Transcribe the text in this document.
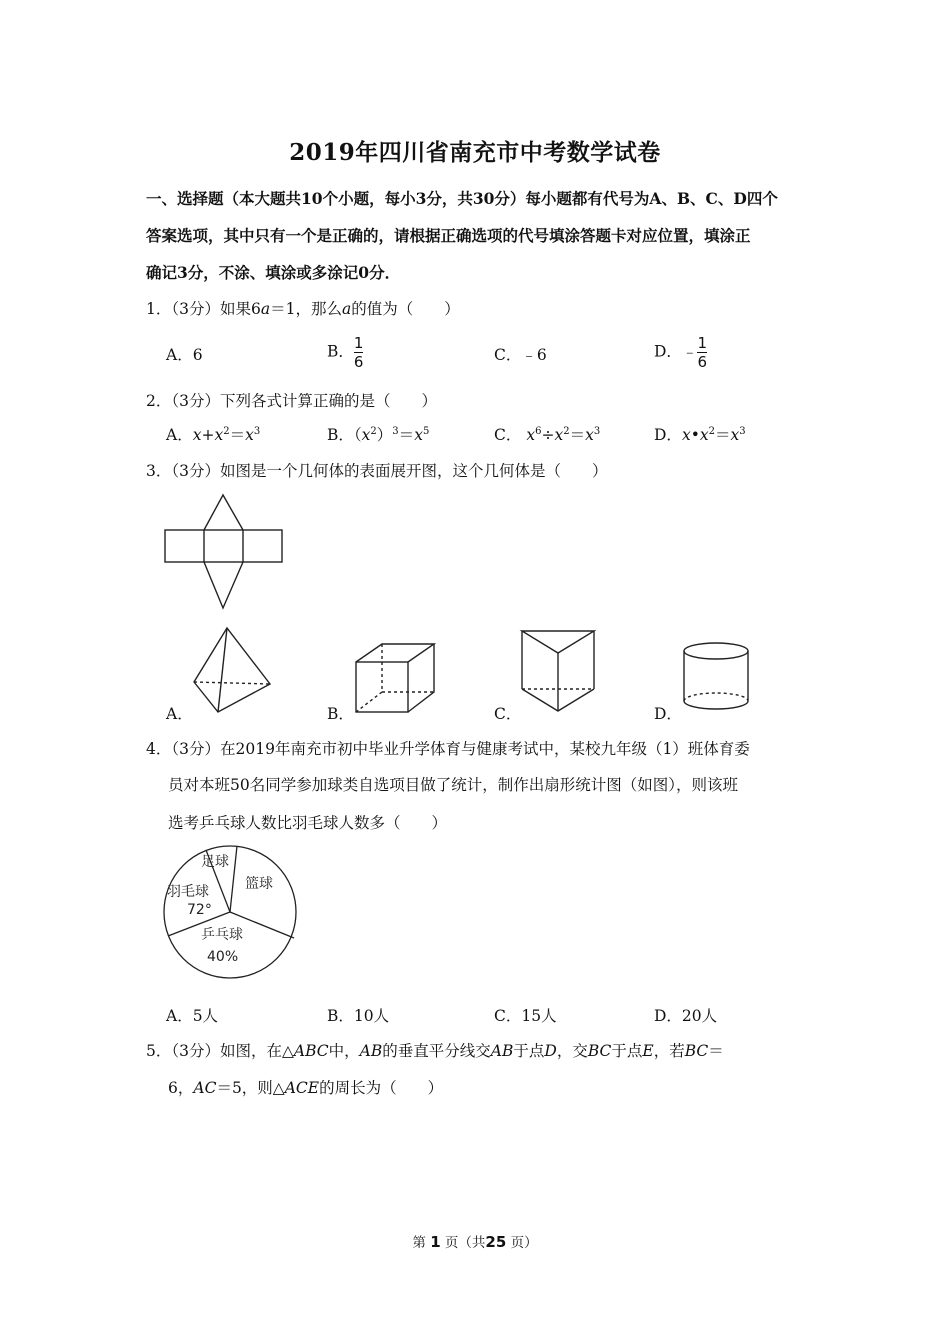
2019年四川省南充市中考数学试卷
一、选择题（本大题共10个小题，每小3分，共30分）每小题都有代号为A、B、C、D四个
答案选项，其中只有一个是正确的，请根据正确选项的代号填涂答题卡对应位置，填涂正
确记3分，不涂、填涂或多涂记0分．
1．（3分）如果6a＝1，那么a的值为（　　）
A．6	B． $\frac{1}{6}$	C．﹣6	D．﹣ $\frac{1}{6}$
2．（3分）下列各式计算正确的是（　　）
A．$x+x^2=x^3$	B．$(x^2)^3=x^5$	C． $x^6\div x^2=x^3$	D．$x•x^2=x^3$
3．（3分）如图是一个几何体的表面展开图，这个几何体是（　　）
A．	B．	C．	D．
4．（3分）在2019年南充市初中毕业升学体育与健康考试中，某校九年级（1）班体育委
员对本班50名同学参加球类自选项目做了统计，制作出扇形统计图（如图），则该班
选考乒乓球人数比羽毛球人数多（　　）
足球
篮球
乒乓球
40%
羽毛球
72°
A．5人	B．10人	C．15人	D．20人
5．（3分）如图，在△ABC中，AB的垂直平分线交AB于点D，交BC于点E，若BC＝
6，AC＝5，则△ACE的周长为（　　）
第 1 页（共25 页）
